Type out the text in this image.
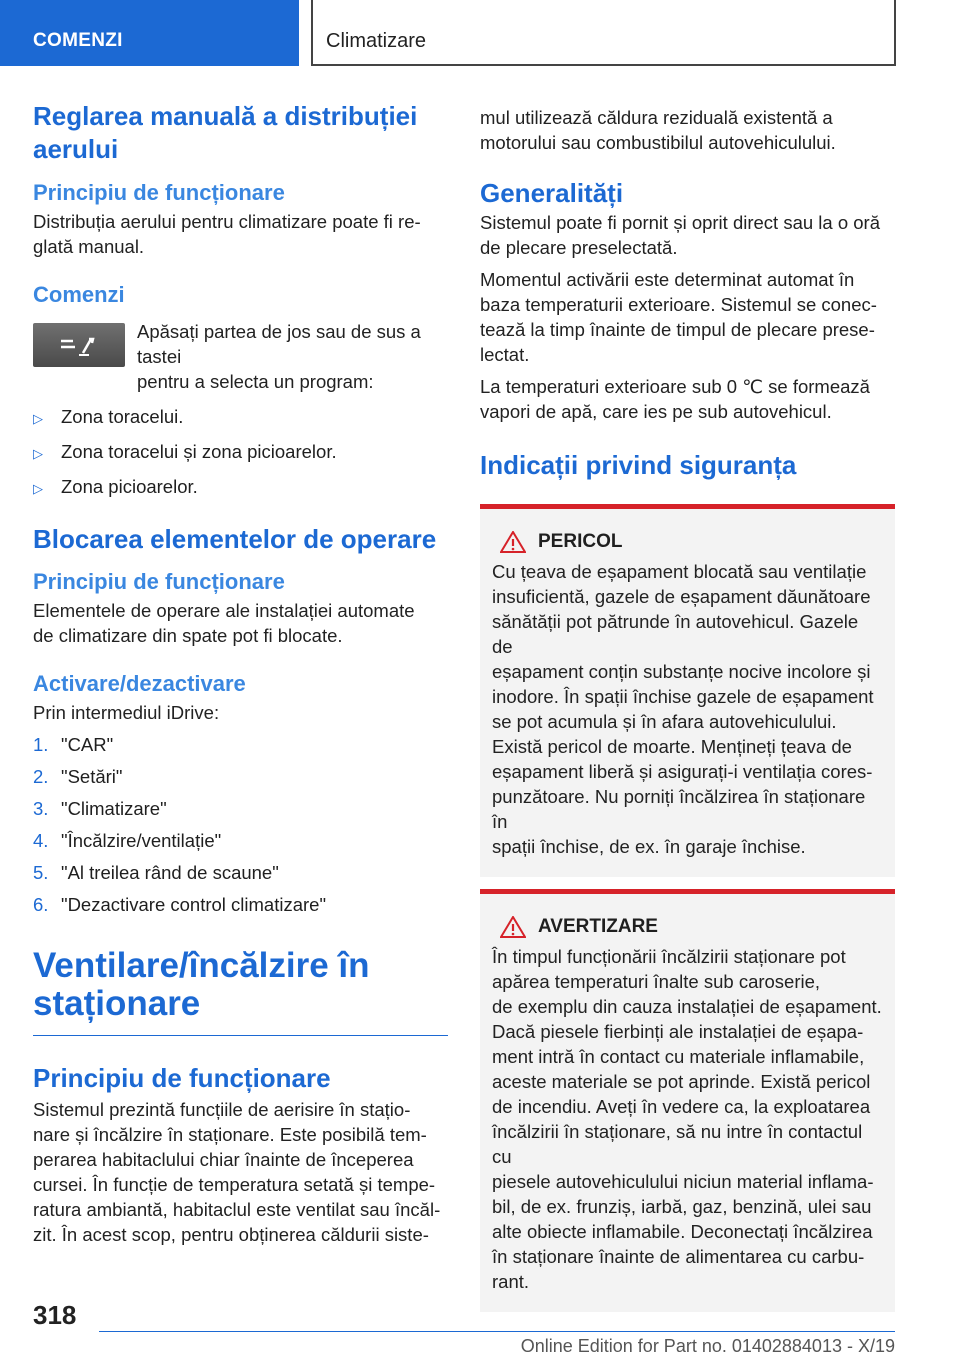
COMENZI	Climatizare
Reglarea manuală a distribuției
aerului
Principiu de funcționare
Distribuția aerului pentru climatizare poate fi re‐
glată manual.
Comenzi
Apăsați partea de jos sau de sus a tastei
pentru a selecta un program:
▷ Zona toracelui.
▷ Zona toracelui și zona picioarelor.
▷ Zona picioarelor.
Blocarea elementelor de operare
Principiu de funcționare
Elementele de operare ale instalației automate
de climatizare din spate pot fi blocate.
Activare/dezactivare
Prin intermediul iDrive:
1. "CAR"
2. "Setări"
3. "Climatizare"
4. "Încălzire/ventilație"
5. "Al treilea rând de scaune"
6. "Dezactivare control climatizare"
Ventilare/încălzire în
staționare
Principiu de funcționare
Sistemul prezintă funcțiile de aerisire în stațio‐
nare și încălzire în staționare. Este posibilă tem‐
perarea habitaclului chiar înainte de începerea
cursei. În funcție de temperatura setată și tempe‐
ratura ambiantă, habitaclul este ventilat sau încăl‐
zit. În acest scop, pentru obținerea căldurii siste‐
mul utilizează căldura reziduală existentă a
motorului sau combustibilul autovehiculului.
Generalități
Sistemul poate fi pornit și oprit direct sau la o oră
de plecare preselectată.
Momentul activării este determinat automat în
baza temperaturii exterioare. Sistemul se conec‐
tează la timp înainte de timpul de plecare prese‐
lectat.
La temperaturi exterioare sub 0 ℃ se formează
vapori de apă, care ies pe sub autovehicul.
Indicații privind siguranța
PERICOL
Cu țeava de eșapament blocată sau ventilație
insuficientă, gazele de eșapament dăunătoare
sănătății pot pătrunde în autovehicul. Gazele de
eșapament conțin substanțe nocive incolore și
inodore. În spații închise gazele de eșapament
se pot acumula și în afara autovehiculului.
Există pericol de moarte. Mențineți țeava de
eșapament liberă și asigurați-i ventilația cores‐
punzătoare. Nu porniți încălzirea în staționare în
spații închise, de ex. în garaje închise.
AVERTIZARE
În timpul funcționării încălzirii staționare pot
apărea temperaturi înalte sub caroserie,
de exemplu din cauza instalației de eșapament.
Dacă piesele fierbinți ale instalației de eșapa‐
ment intră în contact cu materiale inflamabile,
aceste materiale se pot aprinde. Există pericol
de incendiu. Aveți în vedere ca, la exploatarea
încălzirii în staționare, să nu intre în contactul cu
piesele autovehiculului niciun material inflama‐
bil, de ex. frunziș, iarbă, gaz, benzină, ulei sau
alte obiecte inflamabile. Deconectați încălzirea
în staționare înainte de alimentarea cu carbu‐
rant.
318
Online Edition for Part no. 01402884013 - X/19
